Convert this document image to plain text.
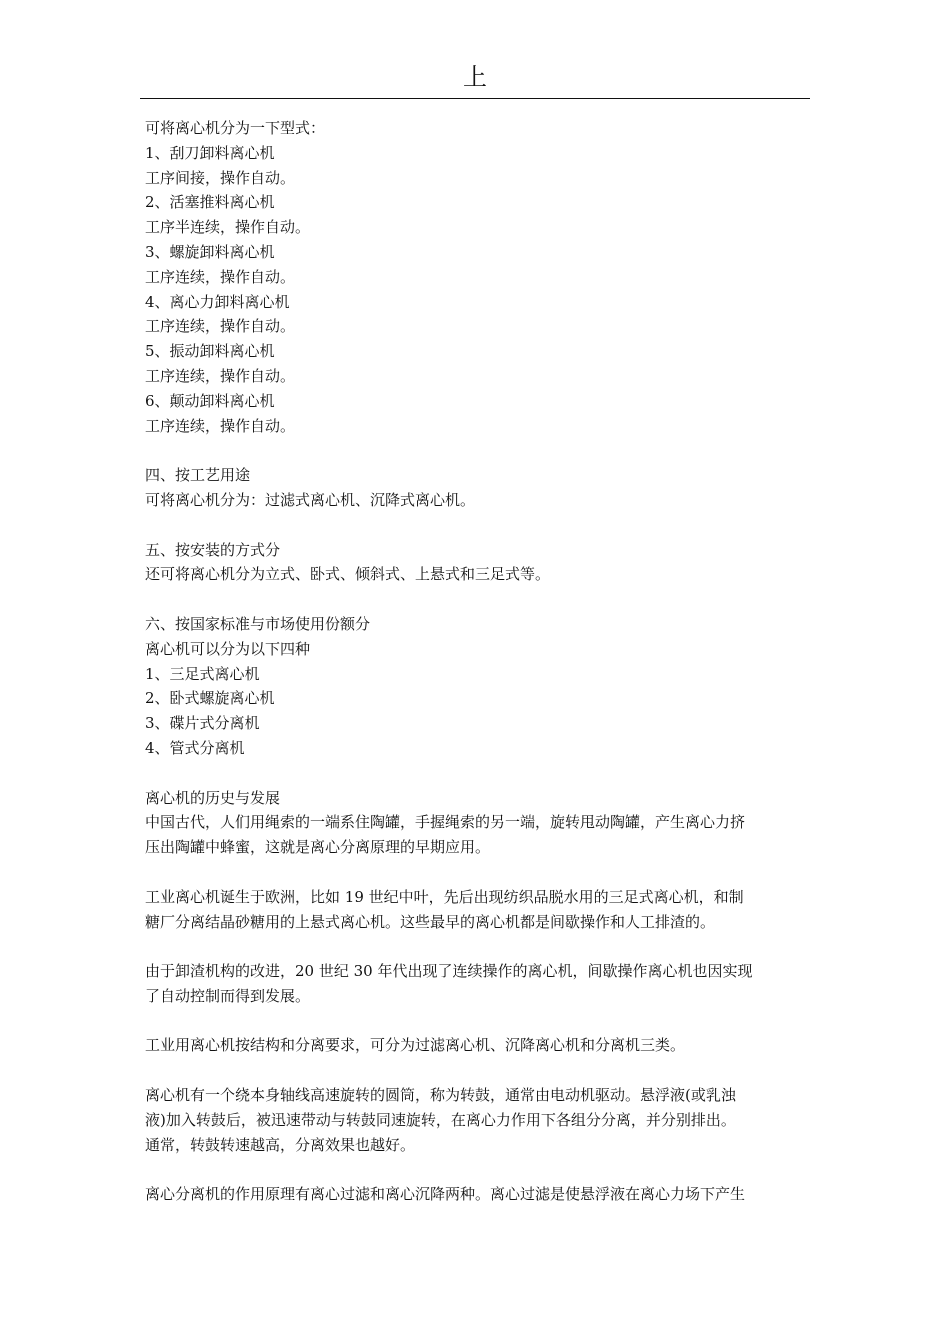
上
可将离心机分为一下型式：
1、刮刀卸料离心机
工序间接，操作自动。
2、活塞推料离心机
工序半连续，操作自动。
3、螺旋卸料离心机
工序连续，操作自动。
4、离心力卸料离心机
工序连续，操作自动。
5、振动卸料离心机
工序连续，操作自动。
6、颠动卸料离心机
工序连续，操作自动。
四、按工艺用途
可将离心机分为：过滤式离心机、沉降式离心机。
五、按安装的方式分
还可将离心机分为立式、卧式、倾斜式、上悬式和三足式等。
六、按国家标准与市场使用份额分
离心机可以分为以下四种
1、三足式离心机
2、卧式螺旋离心机
3、碟片式分离机
4、管式分离机
离心机的历史与发展
中国古代，人们用绳索的一端系住陶罐，手握绳索的另一端，旋转甩动陶罐，产生离心力挤
压出陶罐中蜂蜜，这就是离心分离原理的早期应用。
工业离心机诞生于欧洲，比如 19 世纪中叶，先后出现纺织品脱水用的三足式离心机，和制
糖厂分离结晶砂糖用的上悬式离心机。这些最早的离心机都是间歇操作和人工排渣的。
由于卸渣机构的改进，20 世纪 30 年代出现了连续操作的离心机，间歇操作离心机也因实现
了自动控制而得到发展。
工业用离心机按结构和分离要求，可分为过滤离心机、沉降离心机和分离机三类。
离心机有一个绕本身轴线高速旋转的圆筒，称为转鼓，通常由电动机驱动。悬浮液(或乳浊
液)加入转鼓后，被迅速带动与转鼓同速旋转，在离心力作用下各组分分离，并分别排出。
通常，转鼓转速越高，分离效果也越好。
离心分离机的作用原理有离心过滤和离心沉降两种。离心过滤是使悬浮液在离心力场下产生
